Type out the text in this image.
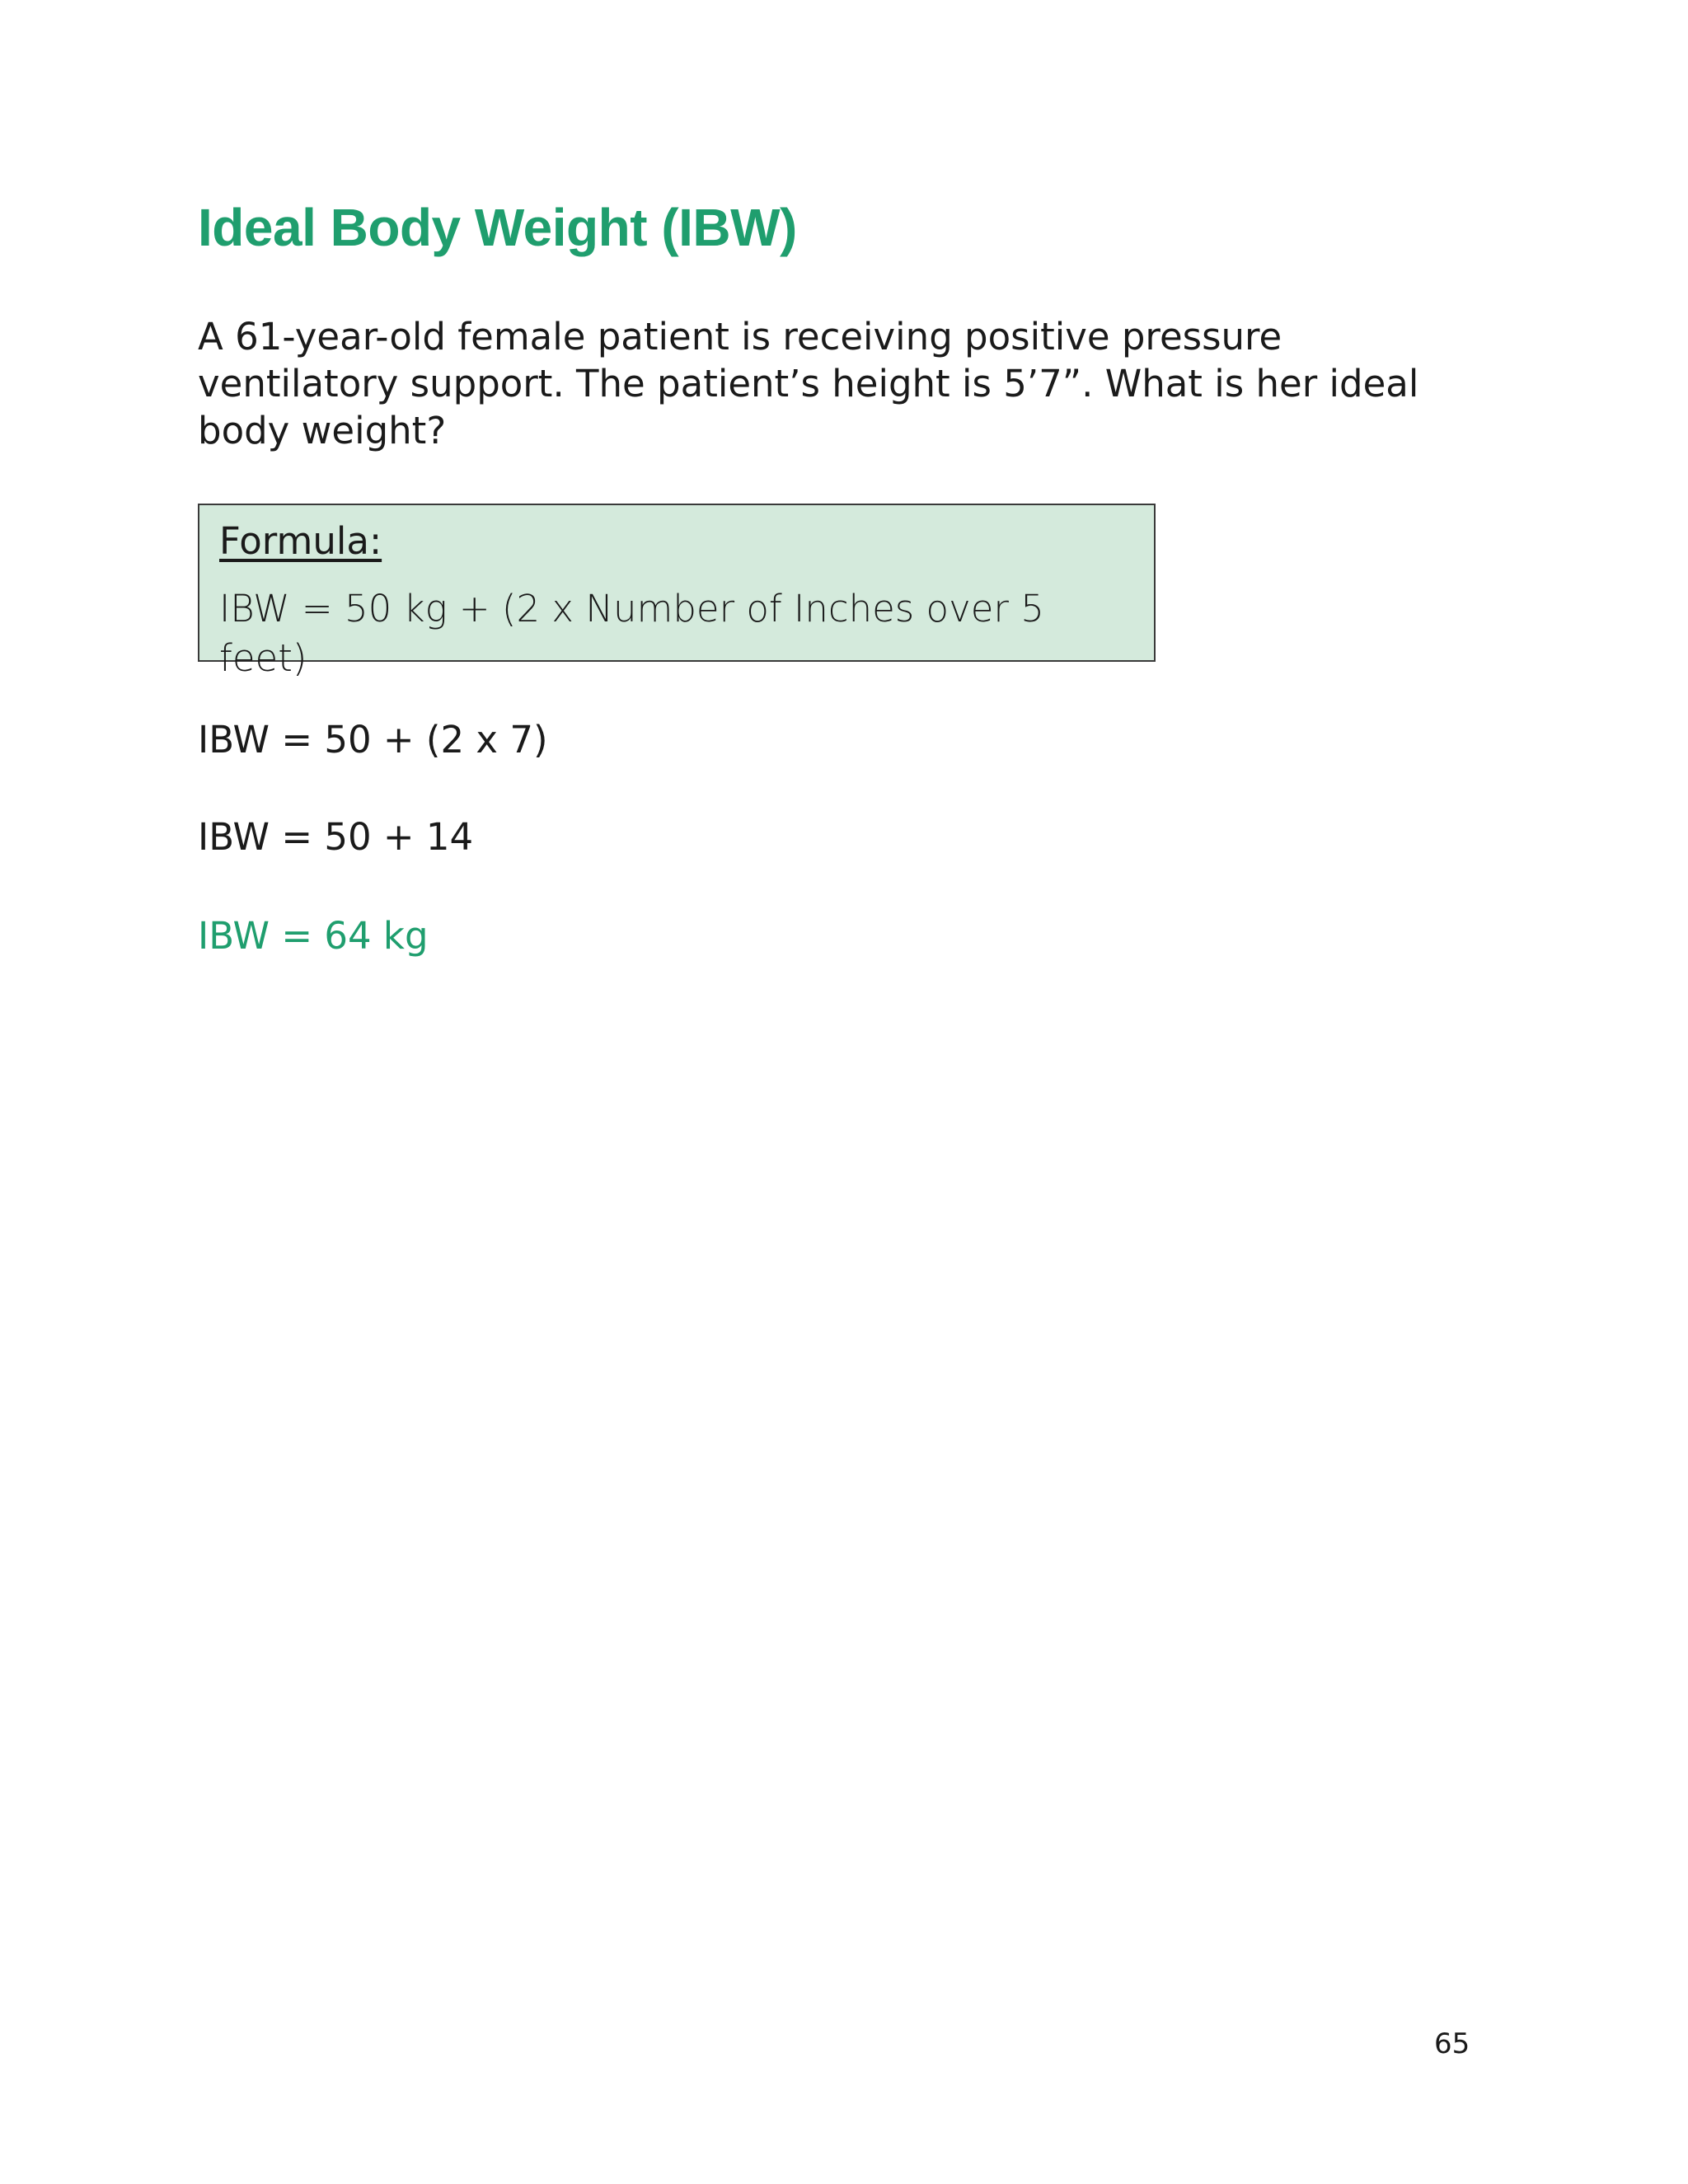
Ideal Body Weight (IBW)

A 61-year-old female patient is receiving positive pressure ventilatory support. The patient’s height is 5’7”. What is her ideal body weight?

Formula:
IBW = 50 kg + (2 x Number of Inches over 5 feet)

IBW = 50 + (2 x 7)

IBW = 50 + 14

IBW = 64 kg

65
